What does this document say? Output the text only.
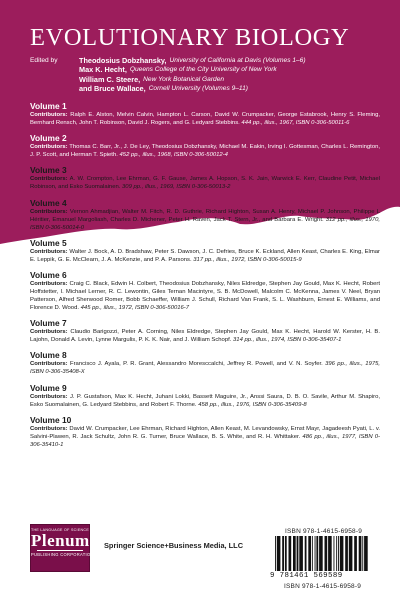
EVOLUTIONARY BIOLOGY
Edited by	Theodosius Dobzhansky, University of California at Davis (Volumes 1–6)
Max K. Hecht, Queens College of the City University of New York
William C. Steere, New York Botanical Garden
and Bruce Wallace, Cornell University (Volumes 9–11)
Volume 1
Contributors: Ralph E. Alston, Melvin Calvin, Hampton L. Carson, David W. Crumpacker, George Estabrook, Henry S. Fleming, Bernhard Rensch, John T. Robinson, David J. Rogers, and G. Ledyard Stebbins. 444 pp., illus., 1967, ISBN 0-306-50011-6
Volume 2
Contributors: Thomas C. Barr, Jr., J. De Ley, Theodosius Dobzhansky, Michael M. Eakin, Irving I. Gottesman, Charles L. Remington, J. P. Scott, and Herman T. Spieth. 452 pp., illus., 1968, ISBN 0-306-50012-4
Volume 3
Contributors: A. W. Crompton, Lee Ehrman, G. F. Gause, James A. Hopson, S. K. Jain, Warwick E. Kerr, Claudine Petit, Michael Robinson, and Esko Suomalainen. 309 pp., illus., 1969, ISBN 0-306-50013-2
Volume 4
Contributors: Vernon Ahmadjian, Walter M. Fitch, R. D. Guthrie, Richard Highton, Susan A. Henry, Michael P. Johnson, Philippe L Héritier, Emanuel Margoliash, Charles D. Michener, Peter H. Raven, Jack T. Stern, Jr., and Barbara E. Wright. 312 pp., illus., 1970, ISBN 0-306-50014-0
Volume 5
Contributors: Walter J. Bock, A. D. Bradshaw, Peter S. Dawson, J. C. Defries, Bruce K. Eckland, Allen Keast, Charles E. King, Elmar E. Leppik, G. E. McClearn, J. A. McKenzie, and P. A. Parsons. 317 pp., illus., 1972, ISBN 0-306-50015-9
Volume 6
Contributors: Craig C. Black, Edwin H. Colbert, Theodosius Dobzhansky, Niles Eldredge, Stephen Jay Gould, Max K. Hecht, Robert Hoffstetter, I. Michael Lerner, R. C. Lewontin, Giles Ternan Macintyre, S. B. McDowell, Malcolm C. McKenna, James V. Neel, Bryan Patterson, Alfred Sherwood Romer, Bobb Schaeffer, William J. Schull, Richard Van Frank, S. L. Washburn, Ernest E. Williams, and Florence D. Wood. 445 pp., illus., 1972, ISBN 0-306-50016-7
Volume 7
Contributors: Claudio Barigozzi, Peter A. Corning, Niles Eldredge, Stephen Jay Gould, Max K. Hecht, Harold W. Kerster, H. B. Lajohn, Donald A. Levin, Lynne Margulis, P. K. K. Nair, and J. William Schopf. 314 pp., illus., 1974, ISBN 0-306-35407-1
Volume 8
Contributors: Francisco J. Ayala, P. R. Grant, Alessandro Moresccalchi, Jeffrey R. Powell, and V. N. Soyfer. 396 pp., illus., 1975, ISBN 0-306-35408-X
Volume 9
Contributors: J. P. Gustafson, Max K. Hecht, Juhani Lokki, Bassett Maguire, Jr., Anssi Saura, D. B. O. Savile, Arthur M. Shapiro, Esko Suomalainen, G. Ledyard Stebbins, and Robert F. Thorne. 458 pp., illus., 1976, ISBN 0-306-35409-8
Volume 10
Contributors: David W. Crumpacker, Lee Ehrman, Richard Highton, Allen Keast, M. Levandowsky, Ernst Mayr, Jagadeesh Pyati, L. v. Salvini-Plawen, R. Jack Schultz, John R. G. Turner, Bruce Wallace, B. S. White, and R. H. Whittaker. 486 pp., illus., 1977, ISBN 0-306-35410-1
THE LANGUAGE OF SCIENCE
Plenum
PUBLISHING CORPORATION
Springer Science+Business Media, LLC
ISBN 978-1-4615-6958-9
9 781461 569589
ISBN 978-1-4615-6958-9
